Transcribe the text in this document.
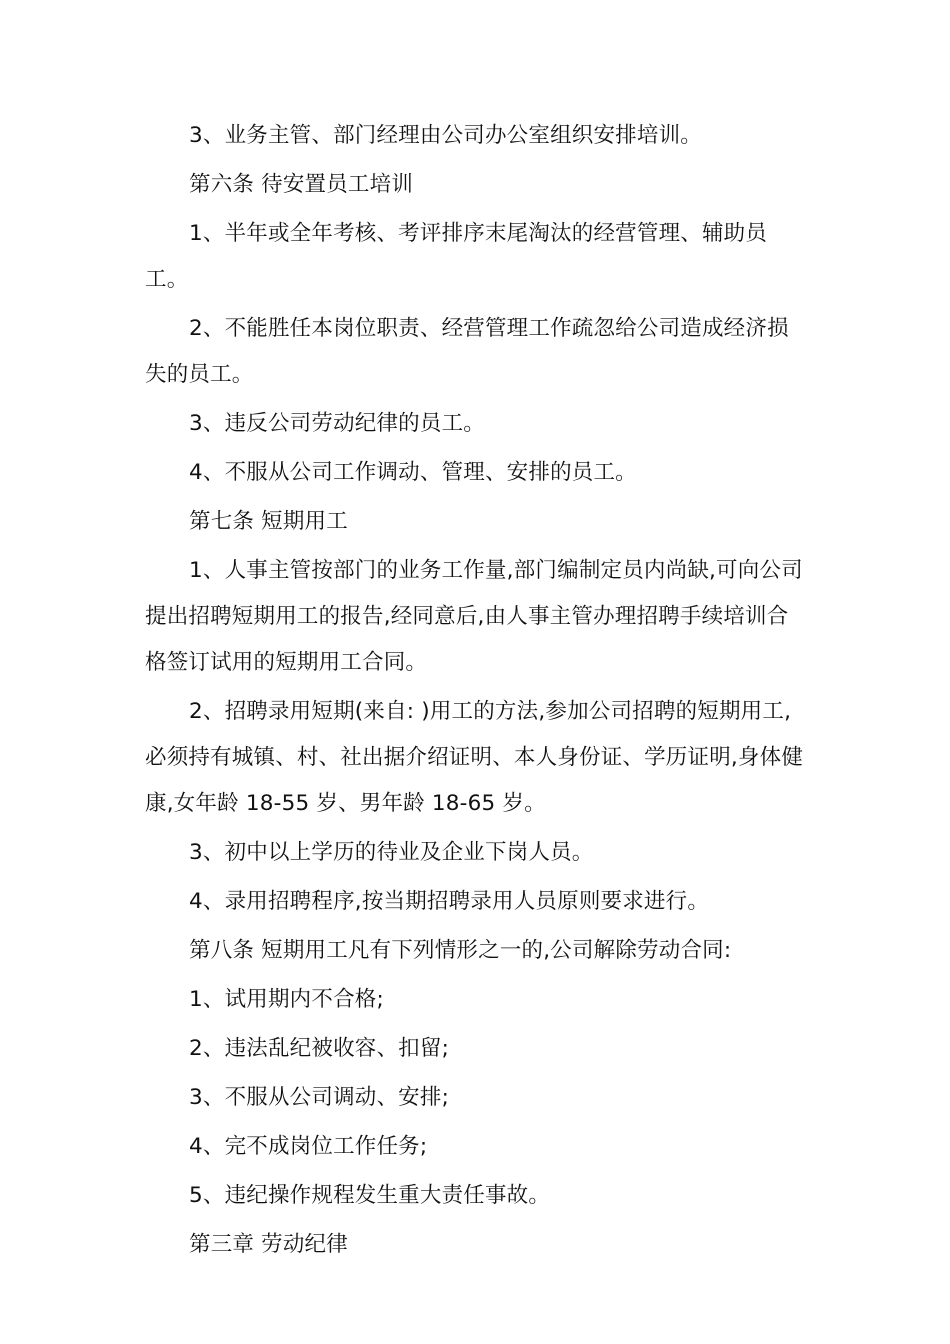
3、业务主管、部门经理由公司办公室组织安排培训。

第六条 待安置员工培训

1、半年或全年考核、考评排序末尾淘汰的经营管理、辅助员工。

2、不能胜任本岗位职责、经营管理工作疏忽给公司造成经济损失的员工。

3、违反公司劳动纪律的员工。

4、不服从公司工作调动、管理、安排的员工。

第七条 短期用工

1、人事主管按部门的业务工作量,部门编制定员内尚缺,可向公司提出招聘短期用工的报告,经同意后,由人事主管办理招聘手续培训合格签订试用的短期用工合同。

2、招聘录用短期(来自: )用工的方法,参加公司招聘的短期用工,必须持有城镇、村、社出据介绍证明、本人身份证、学历证明,身体健康,女年龄 18-55 岁、男年龄 18-65 岁。

3、初中以上学历的待业及企业下岗人员。

4、录用招聘程序,按当期招聘录用人员原则要求进行。

第八条 短期用工凡有下列情形之一的,公司解除劳动合同:

1、试用期内不合格;

2、违法乱纪被收容、扣留;

3、不服从公司调动、安排;

4、完不成岗位工作任务;

5、违纪操作规程发生重大责任事故。

第三章 劳动纪律
